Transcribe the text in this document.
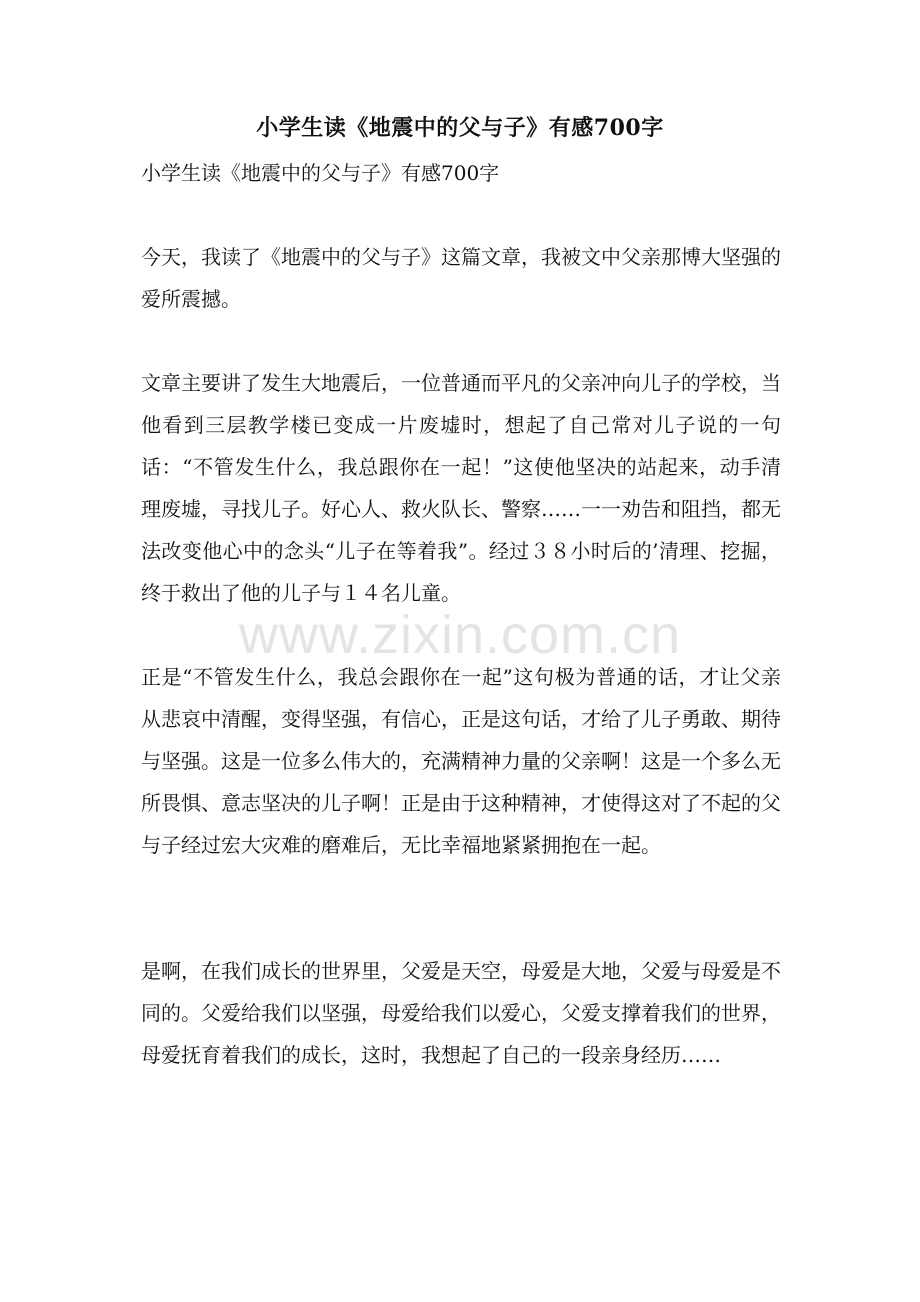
小学生读《地震中的父与子》有感700字
小学生读《地震中的父与子》有感700字
今天，我读了《地震中的父与子》这篇文章，我被文中父亲那博大坚强的爱所震撼。
文章主要讲了发生大地震后，一位普通而平凡的父亲冲向儿子的学校，当他看到三层教学楼已变成一片废墟时，想起了自己常对儿子说的一句话：“不管发生什么，我总跟你在一起！”这使他坚决的站起来，动手清理废墟，寻找儿子。好心人、救火队长、警察……一一劝告和阻挡，都无法改变他心中的念头“儿子在等着我”。经过３８小时后的’清理、挖掘，终于救出了他的儿子与１４名儿童。
正是“不管发生什么，我总会跟你在一起”这句极为普通的话，才让父亲从悲哀中清醒，变得坚强，有信心，正是这句话，才给了儿子勇敢、期待与坚强。这是一位多么伟大的，充满精神力量的父亲啊！这是一个多么无所畏惧、意志坚决的儿子啊！正是由于这种精神，才使得这对了不起的父与子经过宏大灾难的磨难后，无比幸福地紧紧拥抱在一起。
是啊，在我们成长的世界里，父爱是天空，母爱是大地，父爱与母爱是不同的。父爱给我们以坚强，母爱给我们以爱心，父爱支撑着我们的世界，母爱抚育着我们的成长，这时，我想起了自己的一段亲身经历……
www.zixin.com.cn
